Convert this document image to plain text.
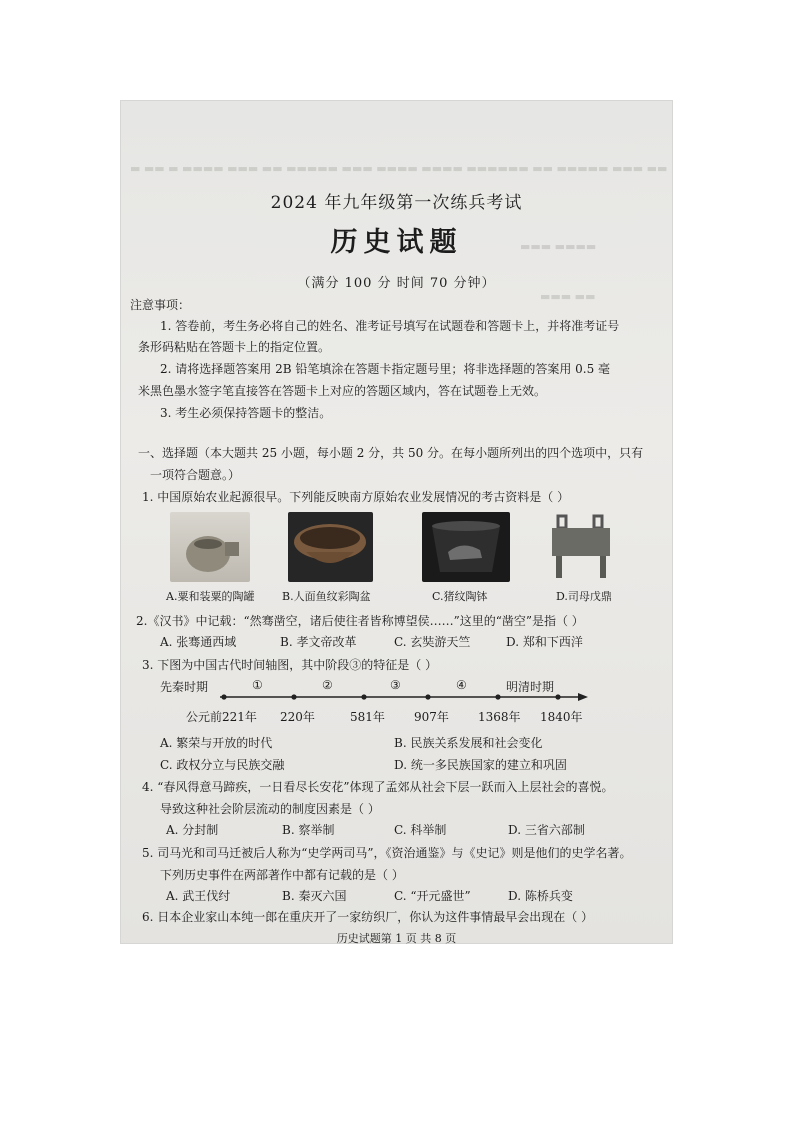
▬ ▬▬ ▬ ▬▬▬▬ ▬▬▬ ▬▬ ▬▬▬▬▬ ▬▬▬ ▬▬▬▬ ▬▬▬▬ ▬▬▬▬▬▬ ▬▬ ▬▬▬▬▬ ▬▬▬ ▬▬
▬▬▬ ▬▬▬▬
▬▬▬ ▬▬
2024 年九年级第一次练兵考试
历史试题
（满分 100 分 时间 70 分钟）
注意事项：
1. 答卷前，考生务必将自己的姓名、准考证号填写在试题卷和答题卡上，并将准考证号
条形码粘贴在答题卡上的指定位置。
2. 请将选择题答案用 2B 铅笔填涂在答题卡指定题号里；将非选择题的答案用 0.5 毫
米黑色墨水签字笔直接答在答题卡上对应的答题区域内，答在试题卷上无效。
3. 考生必须保持答题卡的整洁。
一、选择题（本大题共 25 小题，每小题 2 分，共 50 分。在每小题所列出的四个选项中，只有
一项符合题意。）
1. 中国原始农业起源很早。下列能反映南方原始农业发展情况的考古资料是（ ）
A.粟和装粟的陶罐	B.人面鱼纹彩陶盆	C.猪纹陶钵	D.司母戊鼎
2.《汉书》中记载：“然骞凿空，诸后使往者皆称博望侯……”这里的“凿空”是指（ ）
A. 张骞通西域	B. 孝文帝改革	C. 玄奘游天竺	D. 郑和下西洋
3. 下图为中国古代时间轴图，其中阶段③的特征是（ ）
先秦时期	①	②	③	④	明清时期
公元前221年 220年	581年 907年 1368年 1840年
A. 繁荣与开放的时代	B. 民族关系发展和社会变化
C. 政权分立与民族交融	D. 统一多民族国家的建立和巩固
4. “春风得意马蹄疾，一日看尽长安花”体现了孟郊从社会下层一跃而入上层社会的喜悦。
导致这种社会阶层流动的制度因素是（ ）
A. 分封制	B. 察举制	C. 科举制	D. 三省六部制
5. 司马光和司马迁被后人称为“史学两司马”，《资治通鉴》与《史记》则是他们的史学名著。
下列历史事件在两部著作中都有记载的是（ ）
A. 武王伐纣	B. 秦灭六国	C. “开元盛世”	D. 陈桥兵变
6. 日本企业家山本纯一郎在重庆开了一家纺织厂，你认为这件事情最早会出现在（ ）
历史试题第 1 页 共 8 页
